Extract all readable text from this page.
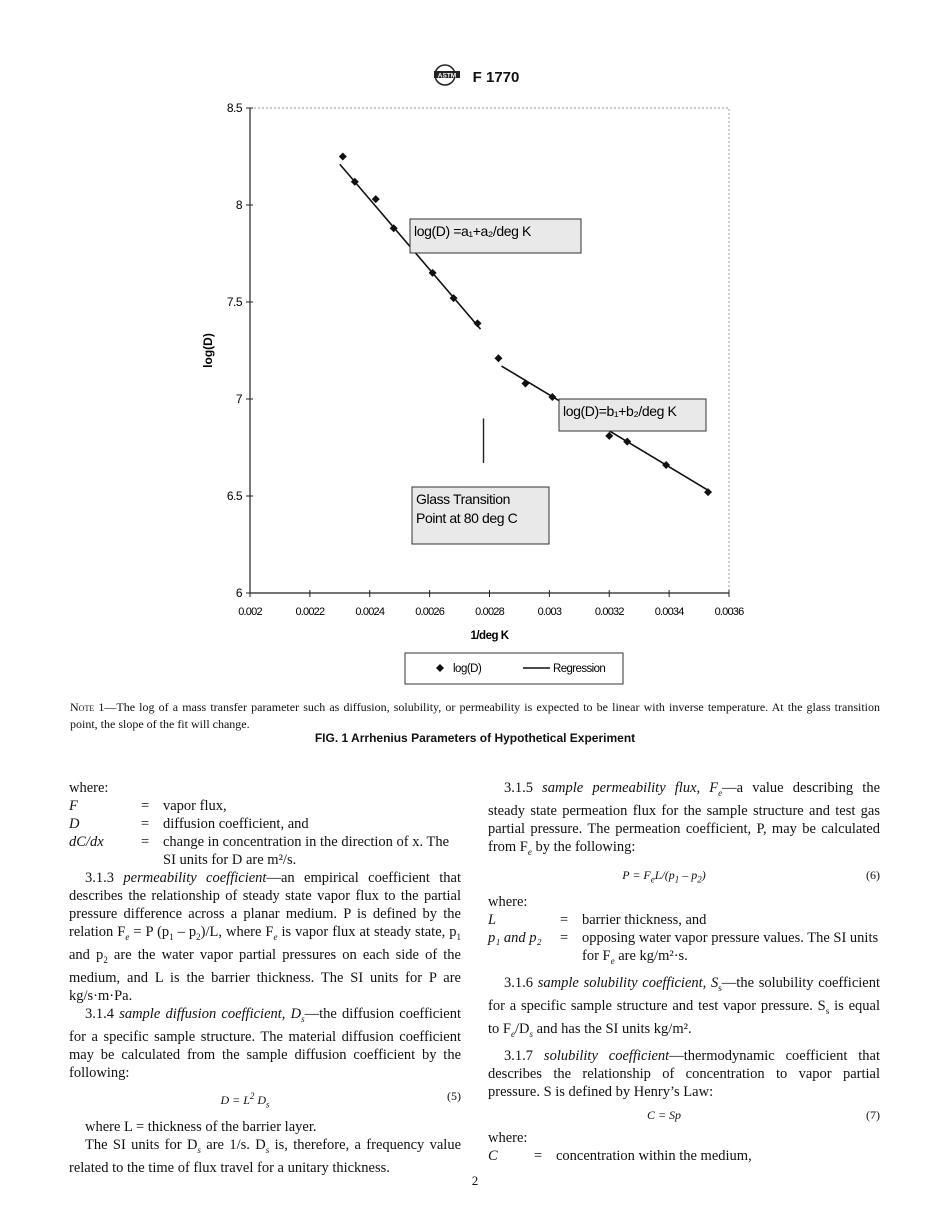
ASTM F 1770
6
6.5
7
7.5
8
8.5
0.002	0.0022	0.0024	0.0026	0.0028	0.003	0.0032	0.0034	0.0036
1/deg K
log(D)
log(D) =a₁+a₂/deg K
log(D)=b₁+b₂/deg K
Glass Transition
Point at 80 deg C
log(D)	Regression
Note 1—The log of a mass transfer parameter such as diffusion, solubility, or permeability is expected to be linear with inverse temperature. At the glass transition point, the slope of the fit will change.
FIG. 1 Arrhenius Parameters of Hypothetical Experiment
where:
F	= vapor flux,
D	= diffusion coefficient, and
dC/dx	= change in concentration in the direction of x. The SI units for D are m²/s.

3.1.3 permeability coefficient—an empirical coefficient that describes the relationship of steady state vapor flux to the partial pressure difference across a planar medium. P is defined by the relation $F_e = P$ $(p_1 - p_2)/L$, where $F_e$ is vapor flux at steady state, $p_1$ and $p_2$ are the water vapor partial pressures on each side of the medium, and L is the barrier thickness. The SI units for P are kg/s·m·Pa.

3.1.4 sample diffusion coefficient, $D_s—the$ diffusion coefficient for a specific sample structure. The material diffusion coefficient may be calculated from the sample diffusion coefficient by the following:

$D = L^2$ $D_s$
(5)

where L = thickness of the barrier layer.

The SI units for $D_s$ are 1/s. $D_s$ is, therefore, a frequency value related to the time of flux travel for a unitary thickness.

3.1.5 sample permeability flux, $F_e—a$ value describing the steady state permeation flux for the sample structure and test gas partial pressure. The permeation coefficient, P, may be calculated from $F_e$ by the following:

$P = F_eL/(p_1 - p_2)$	(6)
where:
L	= barrier thickness, and
p₁ and p₂	= opposing water vapor pressure values. The SI units for $F_e$ are kg/m²·s.

3.1.6 sample solubility coefficient, $S_s—the$ solubility coefficient for a specific sample structure and test vapor pressure. $S_s$ is equal to $F_e/D_s$ and has the SI units kg/m².

3.1.7 solubility coefficient—thermodynamic coefficient that describes the relationship of concentration to vapor partial pressure. S is defined by Henry’s Law:

C = Sp	(7)
where:
C	= concentration within the medium,
2
